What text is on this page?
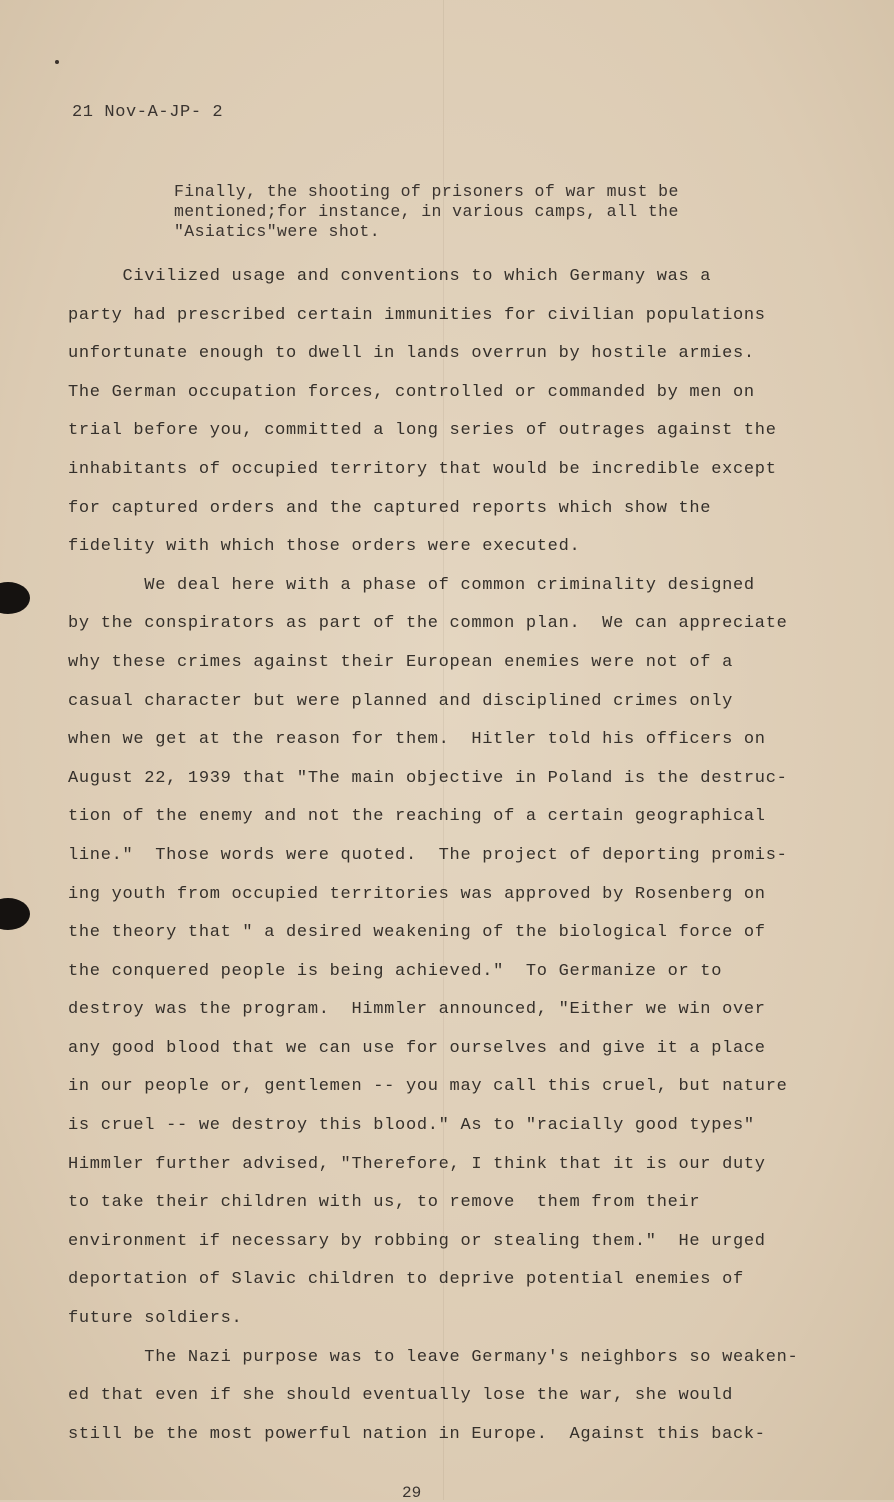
21 Nov-A-JP- 2
Finally, the shooting of prisoners of war must be
mentioned;for instance, in various camps, all the
"Asiatics"were shot.
Civilized usage and conventions to which Germany was a
party had prescribed certain immunities for civilian populations
unfortunate enough to dwell in lands overrun by hostile armies.
The German occupation forces, controlled or commanded by men on
trial before you, committed a long series of outrages against the
inhabitants of occupied territory that would be incredible except
for captured orders and the captured reports which show the
fidelity with which those orders were executed.
We deal here with a phase of common criminality designed
by the conspirators as part of the common plan.  We can appreciate
why these crimes against their European enemies were not of a
casual character but were planned and disciplined crimes only
when we get at the reason for them.  Hitler told his officers on
August 22, 1939 that "The main objective in Poland is the destruc-
tion of the enemy and not the reaching of a certain geographical
line."  Those words were quoted.  The project of deporting promis-
ing youth from occupied territories was approved by Rosenberg on
the theory that " a desired weakening of the biological force of
the conquered people is being achieved."  To Germanize or to
destroy was the program.  Himmler announced, "Either we win over
any good blood that we can use for ourselves and give it a place
in our people or, gentlemen -- you may call this cruel, but nature
is cruel -- we destroy this blood." As to "racially good types"
Himmler further advised, "Therefore, I think that it is our duty
to take their children with us, to remove  them from their
environment if necessary by robbing or stealing them."  He urged
deportation of Slavic children to deprive potential enemies of
future soldiers.
The Nazi purpose was to leave Germany's neighbors so weaken-
ed that even if she should eventually lose the war, she would
still be the most powerful nation in Europe.  Against this back-
29
